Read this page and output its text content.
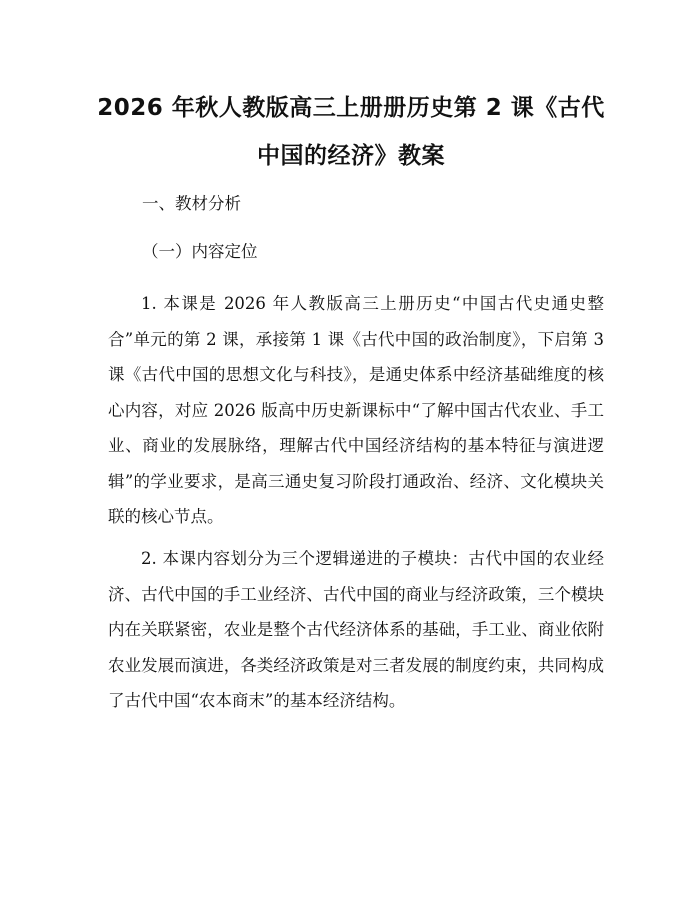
2026 年秋人教版高三上册册历史第 2 课《古代中国的经济》教案

一、教材分析

（一）内容定位

1. 本课是 2026 年人教版高三上册历史“中国古代史通史整合”单元的第 2 课，承接第 1 课《古代中国的政治制度》，下启第 3 课《古代中国的思想文化与科技》，是通史体系中经济基础维度的核心内容，对应 2026 版高中历史新课标中“了解中国古代农业、手工业、商业的发展脉络，理解古代中国经济结构的基本特征与演进逻辑”的学业要求，是高三通史复习阶段打通政治、经济、文化模块关联的核心节点。

2. 本课内容划分为三个逻辑递进的子模块：古代中国的农业经济、古代中国的手工业经济、古代中国的商业与经济政策，三个模块内在关联紧密，农业是整个古代经济体系的基础，手工业、商业依附农业发展而演进，各类经济政策是对三者发展的制度约束，共同构成了古代中国“农本商末”的基本经济结构。
